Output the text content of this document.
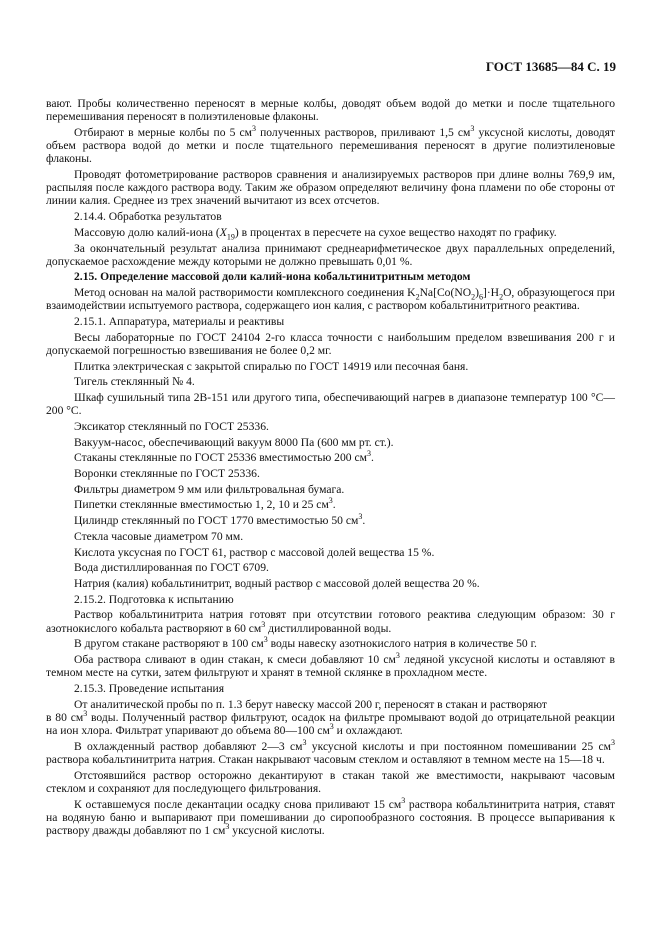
ГОСТ 13685—84 С. 19

вают. Пробы количественно переносят в мерные колбы, доводят объем водой до метки и после тщательного перемешивания переносят в полиэтиленовые флаконы.

Отбирают в мерные колбы по 5 $см^3$ полученных растворов, приливают 1,5 $см^3$ уксусной кислоты, доводят объем раствора водой до метки и после тщательного перемешивания переносят в другие полиэтиленовые флаконы.

Проводят фотометрирование растворов сравнения и анализируемых растворов при длине волны 769,9 им, распыляя после каждого раствора воду. Таким же образом определяют величину фона пламени по обе стороны от линии калия. Среднее из трех значений вычитают из всех отсчетов.

2.14.4. Обработка результатов

Массовую долю калий-иона $(X_{19})$ в процентах в пересчете на сухое вещество находят по графику.

За окончательный результат анализа принимают среднеарифметическое двух параллельных определений, допускаемое расхождение между которыми не должно превышать 0,01 %.

2.15. Определение массовой доли калий-иона кобальтинитритным методом

Метод основан на малой растворимости комплексного соединения $K_2Na[Co(NO_2)_6]\cdot H_2O$, образующегося при взаимодействии испытуемого раствора, содержащего ион калия, с раствором кобальтинитритного реактива.

2.15.1. Аппаратура, материалы и реактивы

Весы лабораторные по ГОСТ 24104 2-го класса точности с наибольшим пределом взвешивания 200 г и допускаемой погрешностью взвешивания не более 0,2 мг.

Плитка электрическая с закрытой спиралью по ГОСТ 14919 или песочная баня.

Тигель стеклянный № 4.

Шкаф сушильный типа 2В-151 или другого типа, обеспечивающий нагрев в диапазоне температур 100 °С—200 °С.

Эксикатор стеклянный по ГОСТ 25336.

Вакуум-насос, обеспечивающий вакуум 8000 Па (600 мм рт. ст.).

Стаканы стеклянные по ГОСТ 25336 вместимостью 200 $см^3$.

Воронки стеклянные по ГОСТ 25336.

Фильтры диаметром 9 мм или фильтровальная бумага.

Пипетки стеклянные вместимостью 1, 2, 10 и 25 $см^3$.

Цилиндр стеклянный по ГОСТ 1770 вместимостью 50 $см^3$.

Стекла часовые диаметром 70 мм.

Кислота уксусная по ГОСТ 61, раствор с массовой долей вещества 15 %.

Вода дистиллированная по ГОСТ 6709.

Натрия (калия) кобальтинитрит, водный раствор с массовой долей вещества 20 %.

2.15.2. Подготовка к испытанию

Раствор кобальтинитрита натрия готовят при отсутствии готового реактива следующим образом: 30 г азотнокислого кобальта растворяют в 60 $см^3$ дистиллированной воды.

В другом стакане растворяют в 100 $см^3$ воды навеску азотнокислого натрия в количестве 50 г.

Оба раствора сливают в один стакан, к смеси добавляют 10 $см^3$ ледяной уксусной кислоты и оставляют в темном месте на сутки, затем фильтруют и хранят в темной склянке в прохладном месте.

2.15.3. Проведение испытания

От аналитической пробы по п. 1.3 берут навеску массой 200 г, переносят в стакан и растворяют

в 80 $см^3$ воды. Полученный раствор фильтруют, осадок на фильтре промывают водой до отрицательной реакции на ион хлора. Фильтрат упаривают до объема 80—100 $см^3$ и охлаждают.

В охлажденный раствор добавляют 2—3 $см^3$ уксусной кислоты и при постоянном помешивании 25 $см^3$ раствора кобальтинитрита натрия. Стакан накрывают часовым стеклом и оставляют в темном месте на 15—18 ч.

Отстоявшийся раствор осторожно декантируют в стакан такой же вместимости, накрывают часовым стеклом и сохраняют для последующего фильтрования.

К оставшемуся после декантации осадку снова приливают 15 $см^3$ раствора кобальтинитрита натрия, ставят на водяную баню и выпаривают при помешивании до сиропообразного состояния. В процессе выпаривания к раствору дважды добавляют по 1 $см^3$ уксусной кислоты.
